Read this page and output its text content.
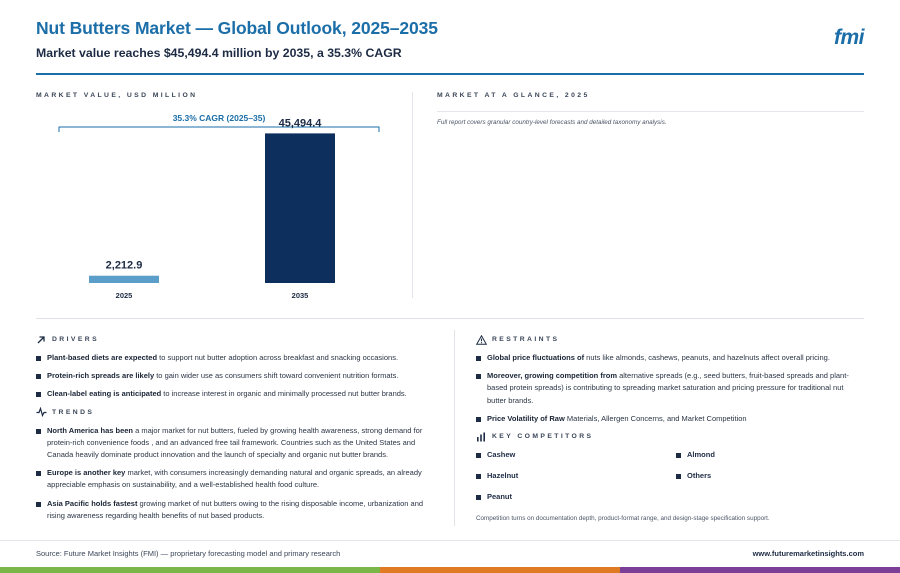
Nut Butters Market — Global Outlook, 2025–2035
Market value reaches $45,494.4 million by 2035, a 35.3% CAGR
fmi
MARKET VALUE, USD MILLION
35.3% CAGR (2025–35)
2,212.9
2025
45,494.4
2035
MARKET AT A GLANCE, 2025
Full report covers granular country-level forecasts and detailed taxonomy analysis.
DRIVERS
Plant-based diets are expected to support nut butter adoption across breakfast and snacking occasions.
Protein-rich spreads are likely to gain wider use as consumers shift toward convenient nutrition formats.
Clean-label eating is anticipated to increase interest in organic and minimally processed nut butter brands.
TRENDS
North America has been a major market for nut butters, fueled by growing health awareness, strong demand for protein-rich convenience foods , and an advanced free tail framework. Countries such as the United States and Canada heavily dominate product innovation and the launch of specialty and organic nut butter brands.
Europe is another key market, with consumers increasingly demanding natural and organic spreads, an already appreciable emphasis on sustainability, and a well-established health food culture.
Asia Pacific holds fastest growing market of nut butters owing to the rising disposable income, urbanization and rising awareness regarding health benefits of nut based products.
RESTRAINTS
Global price fluctuations of nuts like almonds, cashews, peanuts, and hazelnuts affect overall pricing.
Moreover, growing competition from alternative spreads (e.g., seed butters, fruit-based spreads and plant-based protein spreads) is contributing to spreading market saturation and pricing pressure for traditional nut butter brands.
Price Volatility of Raw Materials, Allergen Concerns, and Market Competition
KEY COMPETITORS
Cashew	Almond
Hazelnut	Others
Peanut
Competition turns on documentation depth, product-format range, and design-stage specification support.
Source: Future Market Insights (FMI) — proprietary forecasting model and primary research	www.futuremarketinsights.com
